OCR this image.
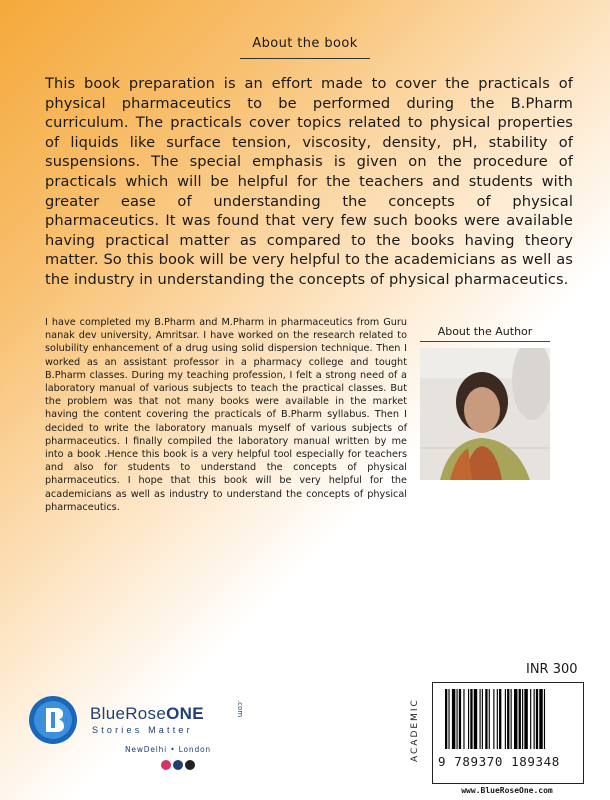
About the book
This book preparation is an effort made to cover the practicals of physical pharmaceutics to be performed during the B.Pharm curriculum. The practicals cover topics related to physical properties of liquids like surface tension, viscosity, density, pH, stability of suspensions. The special emphasis is given on the procedure of practicals which will be helpful for the teachers and students with greater ease of understanding the concepts of physical pharmaceutics. It was found that very few such books were available having practical matter as compared to the books having theory matter. So this book will be very helpful to the academicians as well as the industry in understanding the concepts of physical pharmaceutics.
I have completed my B.Pharm and M.Pharm in pharmaceutics from Guru nanak dev university, Amritsar. I have worked on the research related to solubility enhancement of a drug using solid dispersion technique. Then I worked as an assistant professor in a pharmacy college and tought B.Pharm classes. During my teaching profession, I felt a strong need of a laboratory manual of various subjects to teach the practical classes. But the problem was that not many books were available in the market having the content covering the practicals of B.Pharm syllabus. Then I decided to write the laboratory manuals myself of various subjects of pharmaceutics. I finally compiled the laboratory manual written by me into a book .Hence this book is a very helpful tool especially for teachers and also for students to understand the concepts of physical pharmaceutics. I hope that this book will be very helpful for the academicians as well as industry to understand the concepts of physical pharmaceutics.
About the Author
INR 300
ACADEMIC	9 789370 189348
www.BlueRoseOne.com
BlueRoseONE	.com
Stories Matter
NewDelhi • London
